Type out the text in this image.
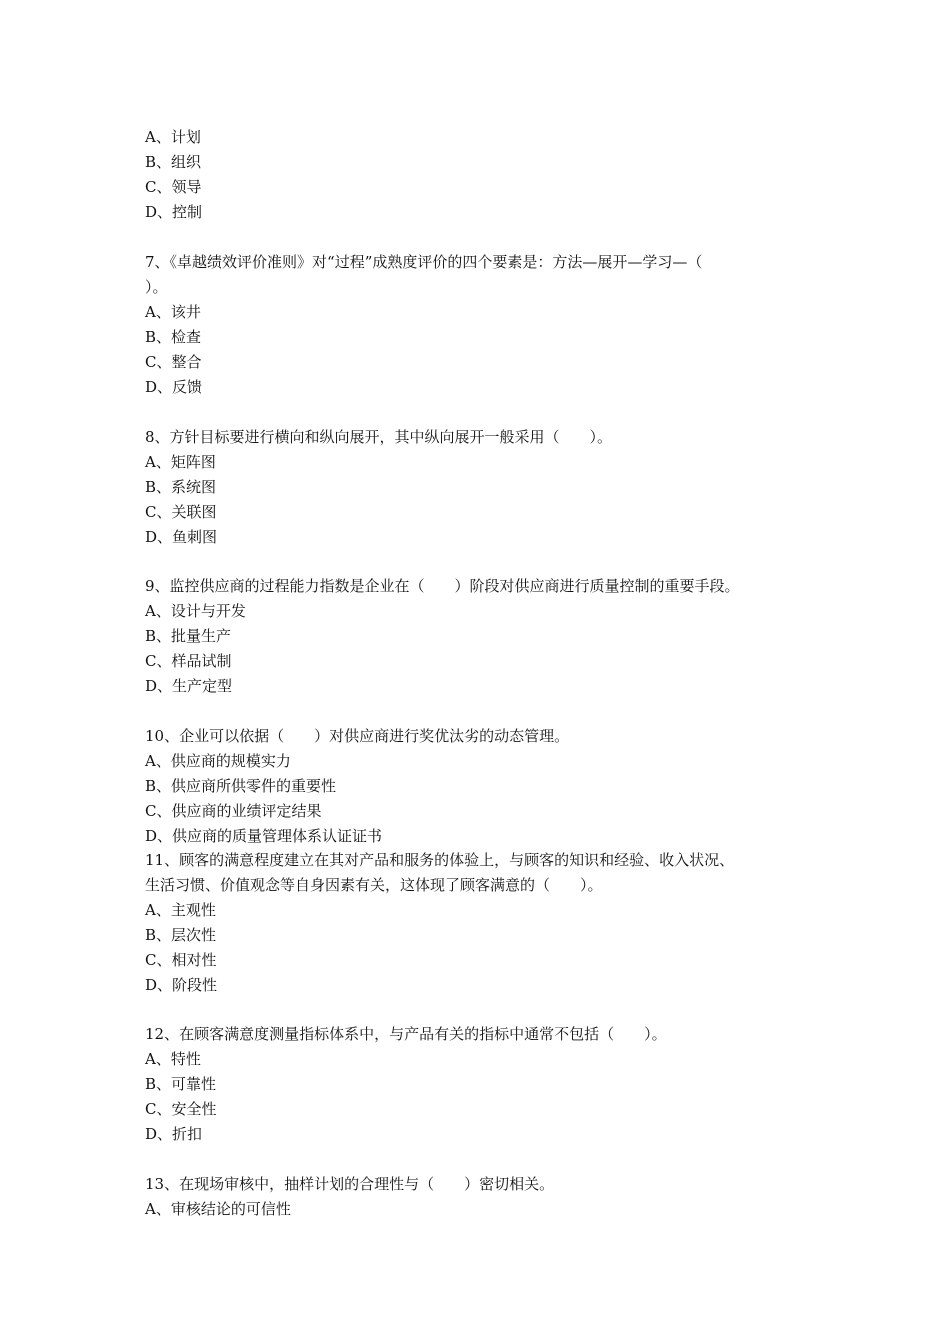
A、计划
B、组织
C、领导
D、控制
7、《卓越绩效评价准则》对“过程”成熟度评价的四个要素是：方法—展开—学习—（
）。
A、该井
B、检查
C、整合
D、反馈
8、方针目标要进行横向和纵向展开，其中纵向展开一般采用（　　）。
A、矩阵图
B、系统图
C、关联图
D、鱼刺图
9、监控供应商的过程能力指数是企业在（　　）阶段对供应商进行质量控制的重要手段。
A、设计与开发
B、批量生产
C、样品试制
D、生产定型
10、企业可以依据（　　）对供应商进行奖优汰劣的动态管理。
A、供应商的规模实力
B、供应商所供零件的重要性
C、供应商的业绩评定结果
D、供应商的质量管理体系认证证书
11、顾客的满意程度建立在其对产品和服务的体验上，与顾客的知识和经验、收入状况、
生活习惯、价值观念等自身因素有关，这体现了顾客满意的（　　）。
A、主观性
B、层次性
C、相对性
D、阶段性
12、在顾客满意度测量指标体系中，与产品有关的指标中通常不包括（　　）。
A、特性
B、可靠性
C、安全性
D、折扣
13、在现场审核中，抽样计划的合理性与（　　）密切相关。
A、审核结论的可信性
